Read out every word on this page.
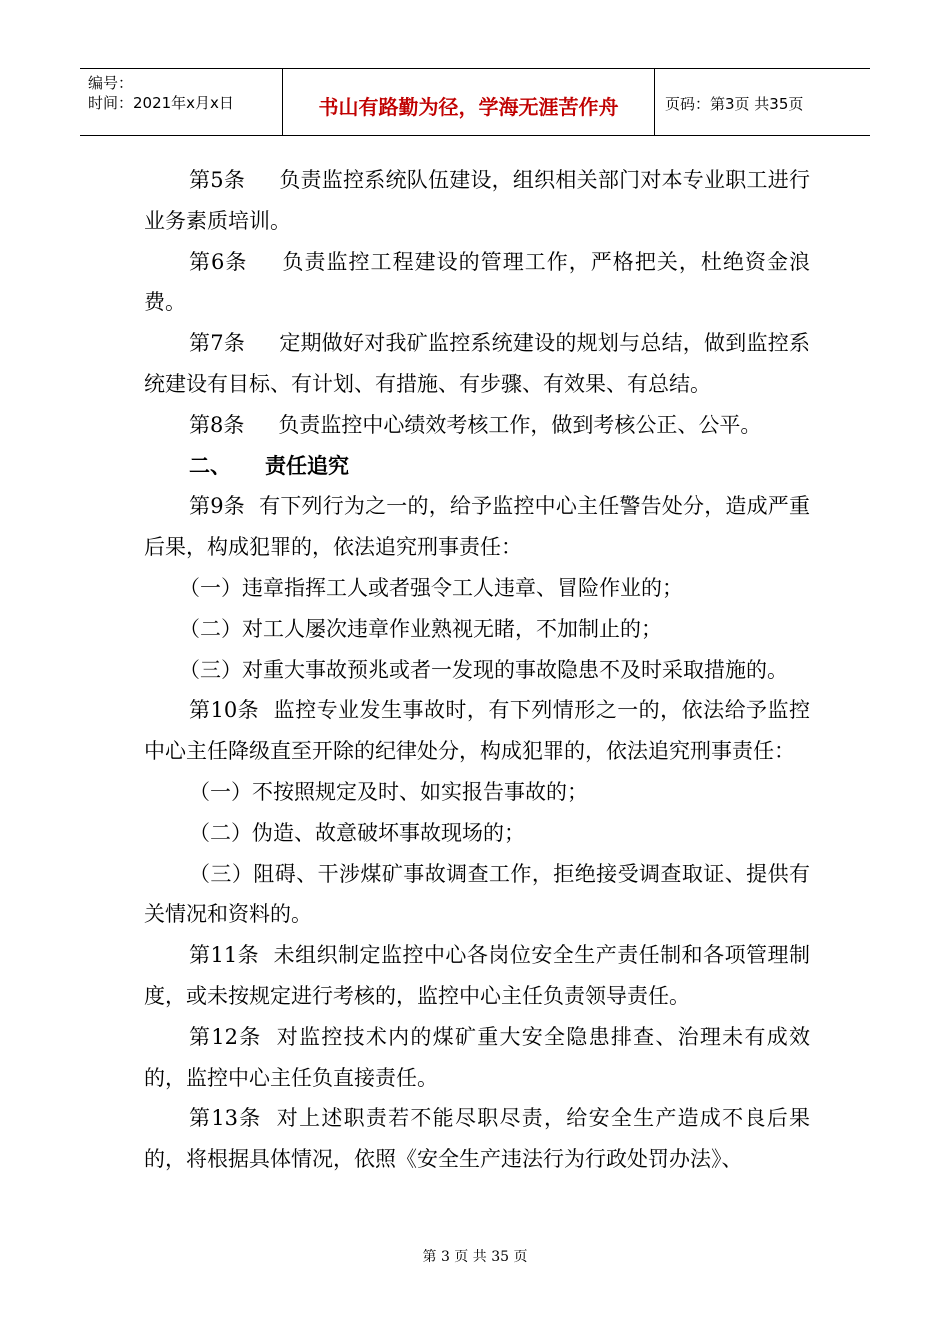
编号：
时间：2021年x月x日	书山有路勤为径，学海无涯苦作舟	页码：第3页 共35页

第5条 负责监控系统队伍建设，组织相关部门对本专业职工进行业务素质培训。

第6条 负责监控工程建设的管理工作，严格把关，杜绝资金浪费。

第7条 定期做好对我矿监控系统建设的规划与总结，做到监控系统建设有目标、有计划、有措施、有步骤、有效果、有总结。

第8条 负责监控中心绩效考核工作，做到考核公正、公平。

二、 责任追究

第9条 有下列行为之一的，给予监控中心主任警告处分，造成严重后果，构成犯罪的，依法追究刑事责任：

（一）违章指挥工人或者强令工人违章、冒险作业的；

（二）对工人屡次违章作业熟视无睹，不加制止的；

（三）对重大事故预兆或者一发现的事故隐患不及时采取措施的。

第10条 监控专业发生事故时，有下列情形之一的，依法给予监控中心主任降级直至开除的纪律处分，构成犯罪的，依法追究刑事责任：

（一）不按照规定及时、如实报告事故的；

（二）伪造、故意破坏事故现场的；

（三）阻碍、干涉煤矿事故调查工作，拒绝接受调查取证、提供有关情况和资料的。

第11条 未组织制定监控中心各岗位安全生产责任制和各项管理制度，或未按规定进行考核的，监控中心主任负责领导责任。

第12条 对监控技术内的煤矿重大安全隐患排查、治理未有成效的，监控中心主任负直接责任。

第13条 对上述职责若不能尽职尽责，给安全生产造成不良后果的，将根据具体情况，依照《安全生产违法行为行政处罚办法》、

第 3 页 共 35 页
